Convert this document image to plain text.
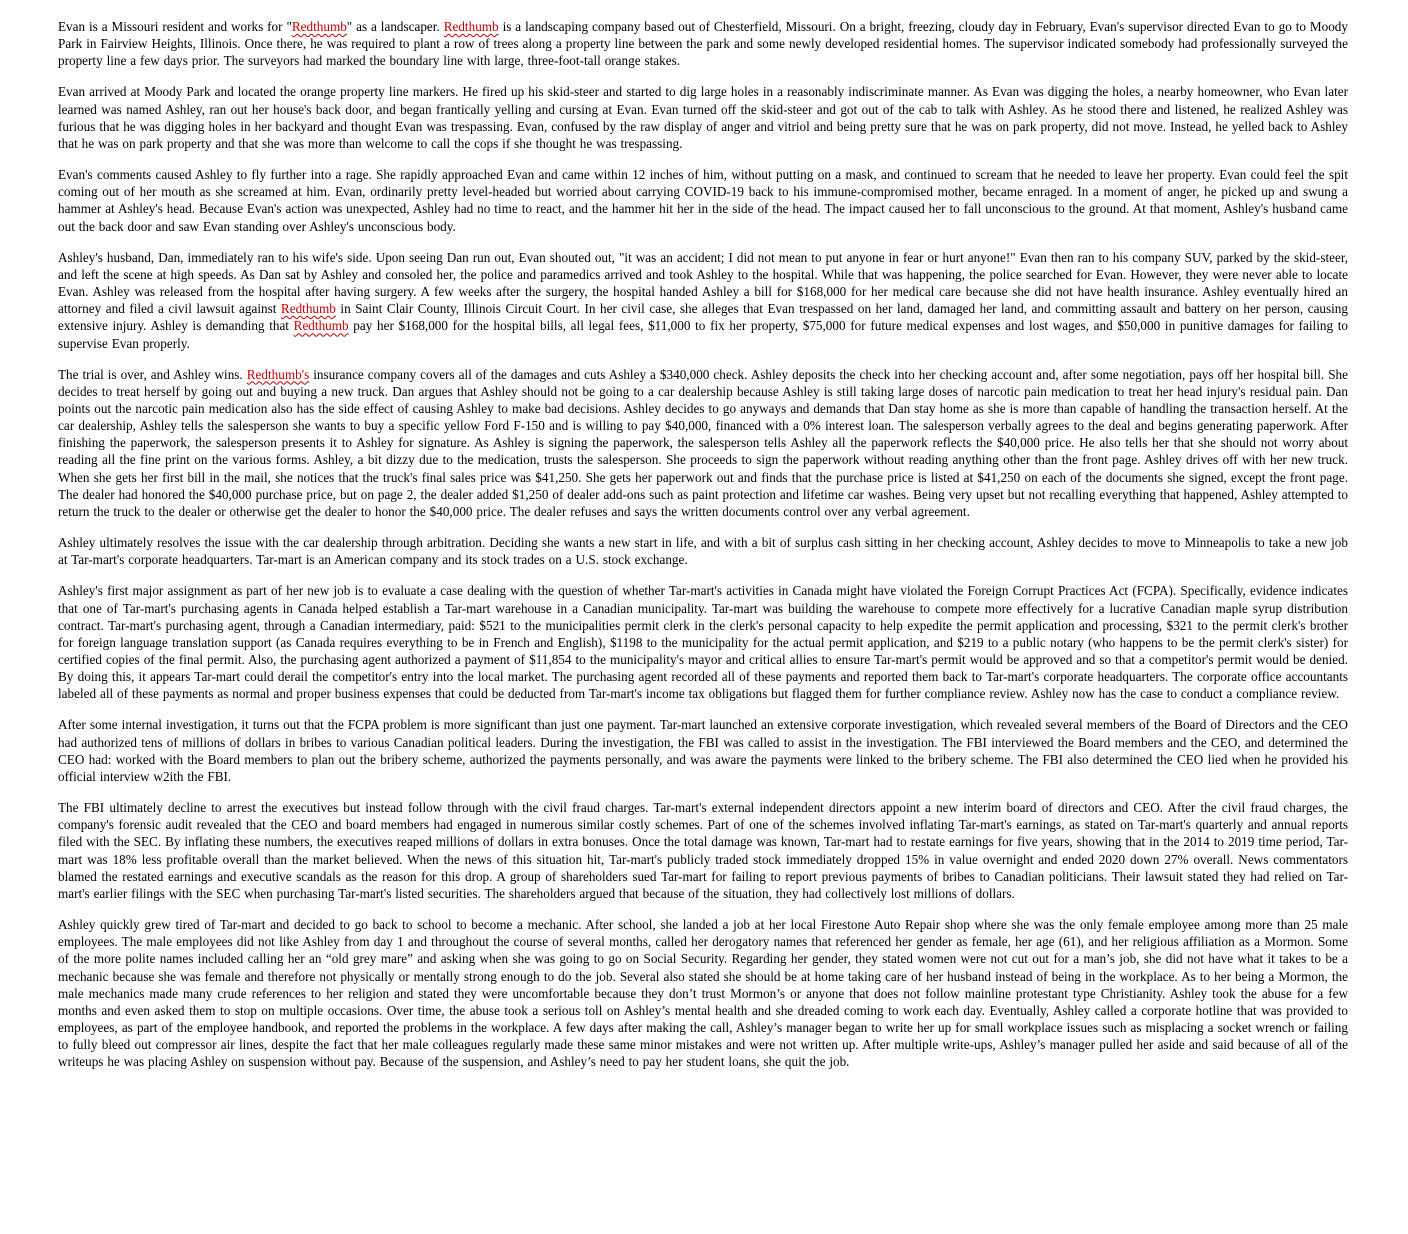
Evan is a Missouri resident and works for "Redthumb" as a landscaper. Redthumb is a landscaping company based out of Chesterfield, Missouri. On a bright, freezing, cloudy day in February, Evan's supervisor directed Evan to go to Moody Park in Fairview Heights, Illinois. Once there, he was required to plant a row of trees along a property line between the park and some newly developed residential homes. The supervisor indicated somebody had professionally surveyed the property line a few days prior. The surveyors had marked the boundary line with large, three-foot-tall orange stakes.

Evan arrived at Moody Park and located the orange property line markers. He fired up his skid-steer and started to dig large holes in a reasonably indiscriminate manner. As Evan was digging the holes, a nearby homeowner, who Evan later learned was named Ashley, ran out her house's back door, and began frantically yelling and cursing at Evan. Evan turned off the skid-steer and got out of the cab to talk with Ashley. As he stood there and listened, he realized Ashley was furious that he was digging holes in her backyard and thought Evan was trespassing. Evan, confused by the raw display of anger and vitriol and being pretty sure that he was on park property, did not move. Instead, he yelled back to Ashley that he was on park property and that she was more than welcome to call the cops if she thought he was trespassing.

Evan's comments caused Ashley to fly further into a rage. She rapidly approached Evan and came within 12 inches of him, without putting on a mask, and continued to scream that he needed to leave her property. Evan could feel the spit coming out of her mouth as she screamed at him. Evan, ordinarily pretty level-headed but worried about carrying COVID-19 back to his immune-compromised mother, became enraged. In a moment of anger, he picked up and swung a hammer at Ashley's head. Because Evan's action was unexpected, Ashley had no time to react, and the hammer hit her in the side of the head. The impact caused her to fall unconscious to the ground. At that moment, Ashley's husband came out the back door and saw Evan standing over Ashley's unconscious body.

Ashley's husband, Dan, immediately ran to his wife's side. Upon seeing Dan run out, Evan shouted out, "it was an accident; I did not mean to put anyone in fear or hurt anyone!" Evan then ran to his company SUV, parked by the skid-steer, and left the scene at high speeds. As Dan sat by Ashley and consoled her, the police and paramedics arrived and took Ashley to the hospital. While that was happening, the police searched for Evan. However, they were never able to locate Evan. Ashley was released from the hospital after having surgery. A few weeks after the surgery, the hospital handed Ashley a bill for $168,000 for her medical care because she did not have health insurance. Ashley eventually hired an attorney and filed a civil lawsuit against Redthumb in Saint Clair County, Illinois Circuit Court. In her civil case, she alleges that Evan trespassed on her land, damaged her land, and committing assault and battery on her person, causing extensive injury. Ashley is demanding that Redthumb pay her $168,000 for the hospital bills, all legal fees, $11,000 to fix her property, $75,000 for future medical expenses and lost wages, and $50,000 in punitive damages for failing to supervise Evan properly.

The trial is over, and Ashley wins. Redthumb's insurance company covers all of the damages and cuts Ashley a $340,000 check. Ashley deposits the check into her checking account and, after some negotiation, pays off her hospital bill. She decides to treat herself by going out and buying a new truck. Dan argues that Ashley should not be going to a car dealership because Ashley is still taking large doses of narcotic pain medication to treat her head injury's residual pain. Dan points out the narcotic pain medication also has the side effect of causing Ashley to make bad decisions. Ashley decides to go anyways and demands that Dan stay home as she is more than capable of handling the transaction herself. At the car dealership, Ashley tells the salesperson she wants to buy a specific yellow Ford F-150 and is willing to pay $40,000, financed with a 0% interest loan. The salesperson verbally agrees to the deal and begins generating paperwork. After finishing the paperwork, the salesperson presents it to Ashley for signature. As Ashley is signing the paperwork, the salesperson tells Ashley all the paperwork reflects the $40,000 price. He also tells her that she should not worry about reading all the fine print on the various forms. Ashley, a bit dizzy due to the medication, trusts the salesperson. She proceeds to sign the paperwork without reading anything other than the front page. Ashley drives off with her new truck. When she gets her first bill in the mail, she notices that the truck's final sales price was $41,250. She gets her paperwork out and finds that the purchase price is listed at $41,250 on each of the documents she signed, except the front page. The dealer had honored the $40,000 purchase price, but on page 2, the dealer added $1,250 of dealer add-ons such as paint protection and lifetime car washes. Being very upset but not recalling everything that happened, Ashley attempted to return the truck to the dealer or otherwise get the dealer to honor the $40,000 price. The dealer refuses and says the written documents control over any verbal agreement.

Ashley ultimately resolves the issue with the car dealership through arbitration. Deciding she wants a new start in life, and with a bit of surplus cash sitting in her checking account, Ashley decides to move to Minneapolis to take a new job at Tar-mart's corporate headquarters. Tar-mart is an American company and its stock trades on a U.S. stock exchange.

Ashley's first major assignment as part of her new job is to evaluate a case dealing with the question of whether Tar-mart's activities in Canada might have violated the Foreign Corrupt Practices Act (FCPA). Specifically, evidence indicates that one of Tar-mart's purchasing agents in Canada helped establish a Tar-mart warehouse in a Canadian municipality. Tar-mart was building the warehouse to compete more effectively for a lucrative Canadian maple syrup distribution contract. Tar-mart's purchasing agent, through a Canadian intermediary, paid: $521 to the municipalities permit clerk in the clerk's personal capacity to help expedite the permit application and processing, $321 to the permit clerk's brother for foreign language translation support (as Canada requires everything to be in French and English), $1198 to the municipality for the actual permit application, and $219 to a public notary (who happens to be the permit clerk's sister) for certified copies of the final permit. Also, the purchasing agent authorized a payment of $11,854 to the municipality's mayor and critical allies to ensure Tar-mart's permit would be approved and so that a competitor's permit would be denied. By doing this, it appears Tar-mart could derail the competitor's entry into the local market. The purchasing agent recorded all of these payments and reported them back to Tar-mart's corporate headquarters. The corporate office accountants labeled all of these payments as normal and proper business expenses that could be deducted from Tar-mart's income tax obligations but flagged them for further compliance review. Ashley now has the case to conduct a compliance review.

After some internal investigation, it turns out that the FCPA problem is more significant than just one payment. Tar-mart launched an extensive corporate investigation, which revealed several members of the Board of Directors and the CEO had authorized tens of millions of dollars in bribes to various Canadian political leaders. During the investigation, the FBI was called to assist in the investigation. The FBI interviewed the Board members and the CEO, and determined the CEO had: worked with the Board members to plan out the bribery scheme, authorized the payments personally, and was aware the payments were linked to the bribery scheme. The FBI also determined the CEO lied when he provided his official interview w2ith the FBI.

The FBI ultimately decline to arrest the executives but instead follow through with the civil fraud charges. Tar-mart's external independent directors appoint a new interim board of directors and CEO. After the civil fraud charges, the company's forensic audit revealed that the CEO and board members had engaged in numerous similar costly schemes. Part of one of the schemes involved inflating Tar-mart's earnings, as stated on Tar-mart's quarterly and annual reports filed with the SEC. By inflating these numbers, the executives reaped millions of dollars in extra bonuses. Once the total damage was known, Tar-mart had to restate earnings for five years, showing that in the 2014 to 2019 time period, Tar-mart was 18% less profitable overall than the market believed. When the news of this situation hit, Tar-mart's publicly traded stock immediately dropped 15% in value overnight and ended 2020 down 27% overall. News commentators blamed the restated earnings and executive scandals as the reason for this drop. A group of shareholders sued Tar-mart for failing to report previous payments of bribes to Canadian politicians. Their lawsuit stated they had relied on Tar-mart's earlier filings with the SEC when purchasing Tar-mart's listed securities. The shareholders argued that because of the situation, they had collectively lost millions of dollars.

Ashley quickly grew tired of Tar-mart and decided to go back to school to become a mechanic. After school, she landed a job at her local Firestone Auto Repair shop where she was the only female employee among more than 25 male employees. The male employees did not like Ashley from day 1 and throughout the course of several months, called her derogatory names that referenced her gender as female, her age (61), and her religious affiliation as a Mormon. Some of the more polite names included calling her an “old grey mare” and asking when she was going to go on Social Security. Regarding her gender, they stated women were not cut out for a man’s job, she did not have what it takes to be a mechanic because she was female and therefore not physically or mentally strong enough to do the job. Several also stated she should be at home taking care of her husband instead of being in the workplace. As to her being a Mormon, the male mechanics made many crude references to her religion and stated they were uncomfortable because they don’t trust Mormon’s or anyone that does not follow mainline protestant type Christianity. Ashley took the abuse for a few months and even asked them to stop on multiple occasions. Over time, the abuse took a serious toll on Ashley’s mental health and she dreaded coming to work each day. Eventually, Ashley called a corporate hotline that was provided to employees, as part of the employee handbook, and reported the problems in the workplace. A few days after making the call, Ashley’s manager began to write her up for small workplace issues such as misplacing a socket wrench or failing to fully bleed out compressor air lines, despite the fact that her male colleagues regularly made these same minor mistakes and were not written up. After multiple write-ups, Ashley’s manager pulled her aside and said because of all of the writeups he was placing Ashley on suspension without pay. Because of the suspension, and Ashley’s need to pay her student loans, she quit the job.
